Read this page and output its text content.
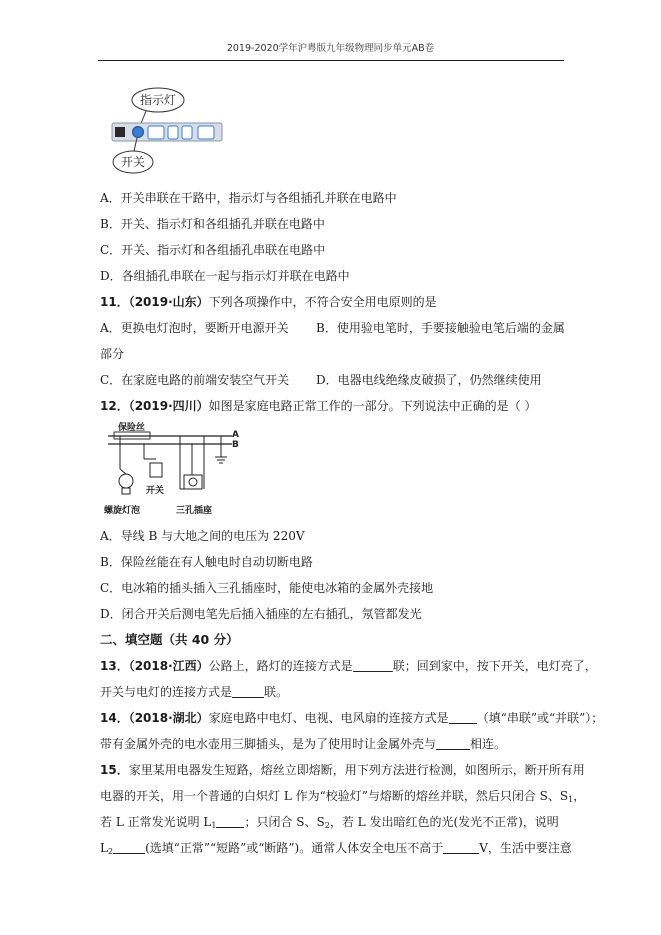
2019-2020学年沪粤版九年级物理同步单元AB卷
指示灯
开关
A．开关串联在干路中，指示灯与各组插孔并联在电路中
B．开关、指示灯和各组插孔并联在电路中
C．开关、指示灯和各组插孔串联在电路中
D．各组插孔串联在一起与指示灯并联在电路中
11．（2019·山东）下列各项操作中，不符合安全用电原则的是
A．更换电灯泡时，要断开电源开关 B．使用验电笔时，手要接触验电笔后端的金属
部分
C．在家庭电路的前端安装空气开关 D．电器电线绝缘皮破损了，仍然继续使用
12．（2019·四川）如图是家庭电路正常工作的一部分。下列说法中正确的是（ ）
保险丝
A
B
开关
螺旋灯泡	三孔插座
A．导线 B 与大地之间的电压为 220V
B．保险丝能在有人触电时自动切断电路
C．电冰箱的插头插入三孔插座时，能使电冰箱的金属外壳接地
D．闭合开关后测电笔先后插入插座的左右插孔，氖管都发光
二、填空题（共 40 分）
13．（2018·江西）公路上，路灯的连接方式是	联；回到家中，按下开关，电灯亮了，
开关与电灯的连接方式是	联。
14．（2018·湖北）家庭电路中电灯、电视、电风扇的连接方式是 （填“串联”或“并联”）；
带有金属外壳的电水壶用三脚插头，是为了使用时让金属外壳与	相连。
15．家里某用电器发生短路，熔丝立即熔断，用下列方法进行检测，如图所示，断开所有用
电器的开关，用一个普通的白炽灯 L 作为“校验灯”与熔断的熔丝并联，然后只闭合 S、$S_1$，
若 L 正常发光说明 $L_1$ ；只闭合 S、$S_2$，若 L 发出暗红色的光(发光不正常)，说明
$L_2$	(选填“正常”“短路”或“断路”)。通常人体安全电压不高于	V，生活中要注意
